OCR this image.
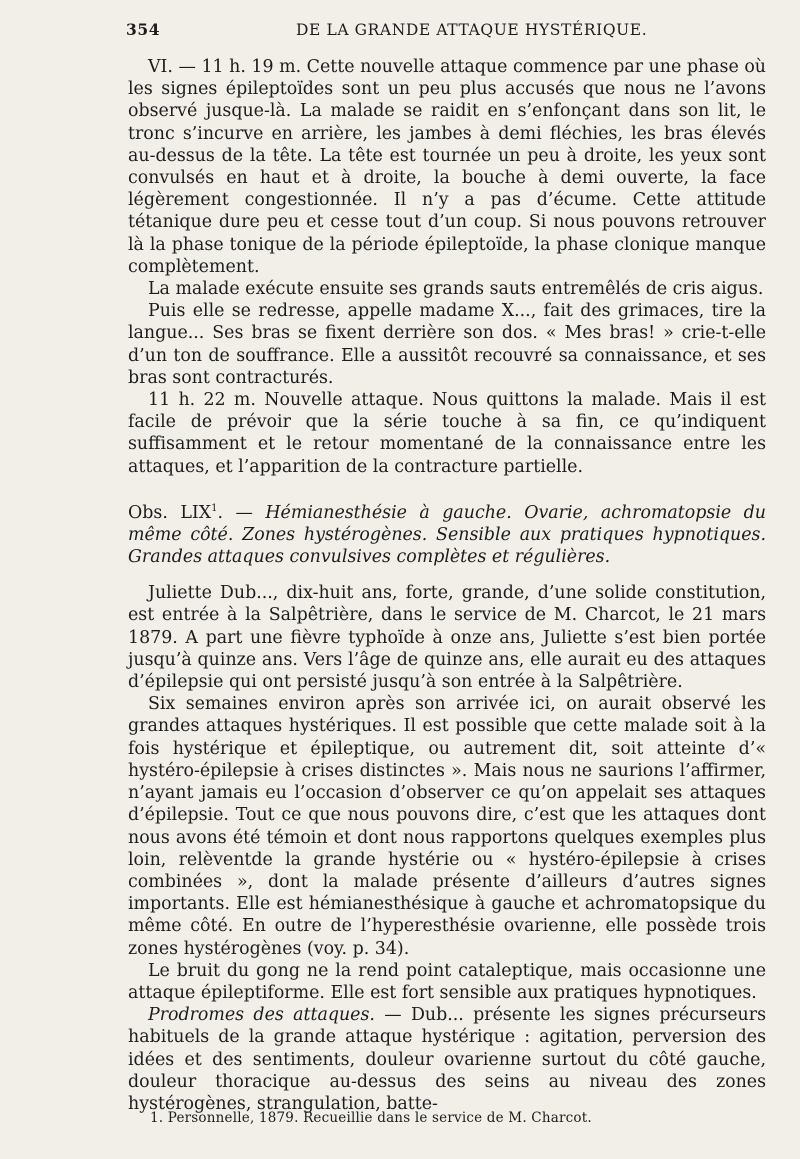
354	DE LA GRANDE ATTAQUE HYSTÉRIQUE.

VI. — 11 h. 19 m. Cette nouvelle attaque commence par une phase où les signes épileptoïdes sont un peu plus accusés que nous ne l’avons observé jusque-là. La malade se raidit en s’enfonçant dans son lit, le tronc s’incurve en arrière, les jambes à demi fléchies, les bras élevés au-dessus de la tête. La tête est tournée un peu à droite, les yeux sont convulsés en haut et à droite, la bouche à demi ouverte, la face légèrement congestionnée. Il n’y a pas d’écume. Cette attitude tétanique dure peu et cesse tout d’un coup. Si nous pouvons retrouver là la phase tonique de la période épileptoïde, la phase clonique manque complètement.

La malade exécute ensuite ses grands sauts entremêlés de cris aigus.

Puis elle se redresse, appelle madame X..., fait des grimaces, tire la langue... Ses bras se fixent derrière son dos. « Mes bras! » crie-t-elle d’un ton de souffrance. Elle a aussitôt recouvré sa connaissance, et ses bras sont contracturés.

11 h. 22 m. Nouvelle attaque. Nous quittons la malade. Mais il est facile de prévoir que la série touche à sa fin, ce qu’indiquent suffisamment et le retour momentané de la connaissance entre les attaques, et l’apparition de la contracture partielle.

Obs. LIX$^1$. — Hémianesthésie à gauche. Ovarie, achromatopsie du même côté. Zones hystérogènes. Sensible aux pratiques hypnotiques. Grandes attaques convulsives complètes et régulières.

Juliette Dub..., dix-huit ans, forte, grande, d’une solide constitution, est entrée à la Salpêtrière, dans le service de M. Charcot, le 21 mars 1879. A part une fièvre typhoïde à onze ans, Juliette s’est bien portée jusqu’à quinze ans. Vers l’âge de quinze ans, elle aurait eu des attaques d’épilepsie qui ont persisté jusqu’à son entrée à la Salpêtrière.

Six semaines environ après son arrivée ici, on aurait observé les grandes attaques hystériques. Il est possible que cette malade soit à la fois hystérique et épileptique, ou autrement dit, soit atteinte d’« hystéro-épilepsie à crises distinctes ». Mais nous ne saurions l’affirmer, n’ayant jamais eu l’occasion d’observer ce qu’on appelait ses attaques d’épilepsie. Tout ce que nous pouvons dire, c’est que les attaques dont nous avons été témoin et dont nous rapportons quelques exemples plus loin, relèventde la grande hystérie ou « hystéro-épilepsie à crises combinées », dont la malade présente d’ailleurs d’autres signes importants. Elle est hémianesthésique à gauche et achromatopsique du même côté. En outre de l’hyperesthésie ovarienne, elle possède trois zones hystérogènes (voy. p. 34).

Le bruit du gong ne la rend point cataleptique, mais occasionne une attaque épileptiforme. Elle est fort sensible aux pratiques hypnotiques.

Prodromes des attaques. — Dub... présente les signes précurseurs habituels de la grande attaque hystérique : agitation, perversion des idées et des sentiments, douleur ovarienne surtout du côté gauche, douleur thoracique au-dessus des seins au niveau des zones hystérogènes, strangulation, batte-

1. Personnelle, 1879. Recueillie dans le service de M. Charcot.
